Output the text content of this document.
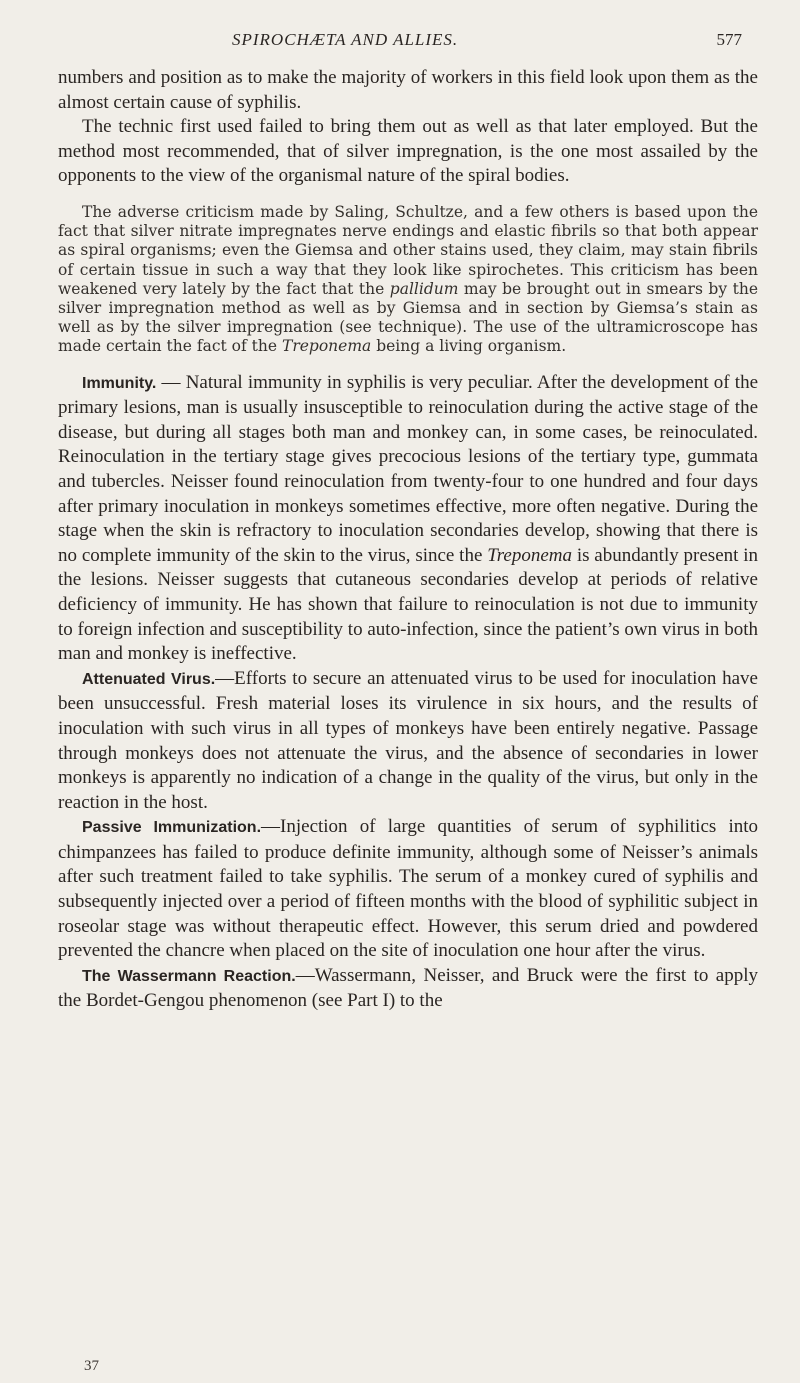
SPIROCHÆTA AND ALLIES.	577

numbers and position as to make the majority of workers in this field look upon them as the almost certain cause of syphilis.

The technic first used failed to bring them out as well as that later employed. But the method most recommended, that of silver impregnation, is the one most assailed by the opponents to the view of the organismal nature of the spiral bodies.

The adverse criticism made by Saling, Schultze, and a few others is based upon the fact that silver nitrate impregnates nerve endings and elastic fibrils so that both appear as spiral organisms; even the Giemsa and other stains used, they claim, may stain fibrils of certain tissue in such a way that they look like spirochetes. This criticism has been weakened very lately by the fact that the pallidum may be brought out in smears by the silver impregnation method as well as by Giemsa and in section by Giemsa’s stain as well as by the silver impregnation (see technique). The use of the ultramicroscope has made certain the fact of the Treponema being a living organism.

Immunity. — Natural immunity in syphilis is very peculiar. After the development of the primary lesions, man is usually insusceptible to reinoculation during the active stage of the disease, but during all stages both man and monkey can, in some cases, be reinoculated. Reinoculation in the tertiary stage gives precocious lesions of the tertiary type, gummata and tubercles. Neisser found reinoculation from twenty-four to one hundred and four days after primary inoculation in monkeys sometimes effective, more often negative. During the stage when the skin is refractory to inoculation secondaries develop, showing that there is no complete immunity of the skin to the virus, since the Treponema is abundantly present in the lesions. Neisser suggests that cutaneous secondaries develop at periods of relative deficiency of immunity. He has shown that failure to reinoculation is not due to immunity to foreign infection and susceptibility to auto-infection, since the patient’s own virus in both man and monkey is ineffective.

Attenuated Virus.—Efforts to secure an attenuated virus to be used for inoculation have been unsuccessful. Fresh material loses its virulence in six hours, and the results of inoculation with such virus in all types of monkeys have been entirely negative. Passage through monkeys does not attenuate the virus, and the absence of secondaries in lower monkeys is apparently no indication of a change in the quality of the virus, but only in the reaction in the host.

Passive Immunization.—Injection of large quantities of serum of syphilitics into chimpanzees has failed to produce definite immunity, although some of Neisser’s animals after such treatment failed to take syphilis. The serum of a monkey cured of syphilis and subsequently injected over a period of fifteen months with the blood of syphilitic subject in roseolar stage was without therapeutic effect. However, this serum dried and powdered prevented the chancre when placed on the site of inoculation one hour after the virus.

The Wassermann Reaction.—Wassermann, Neisser, and Bruck were the first to apply the Bordet-Gengou phenomenon (see Part I) to the

37
